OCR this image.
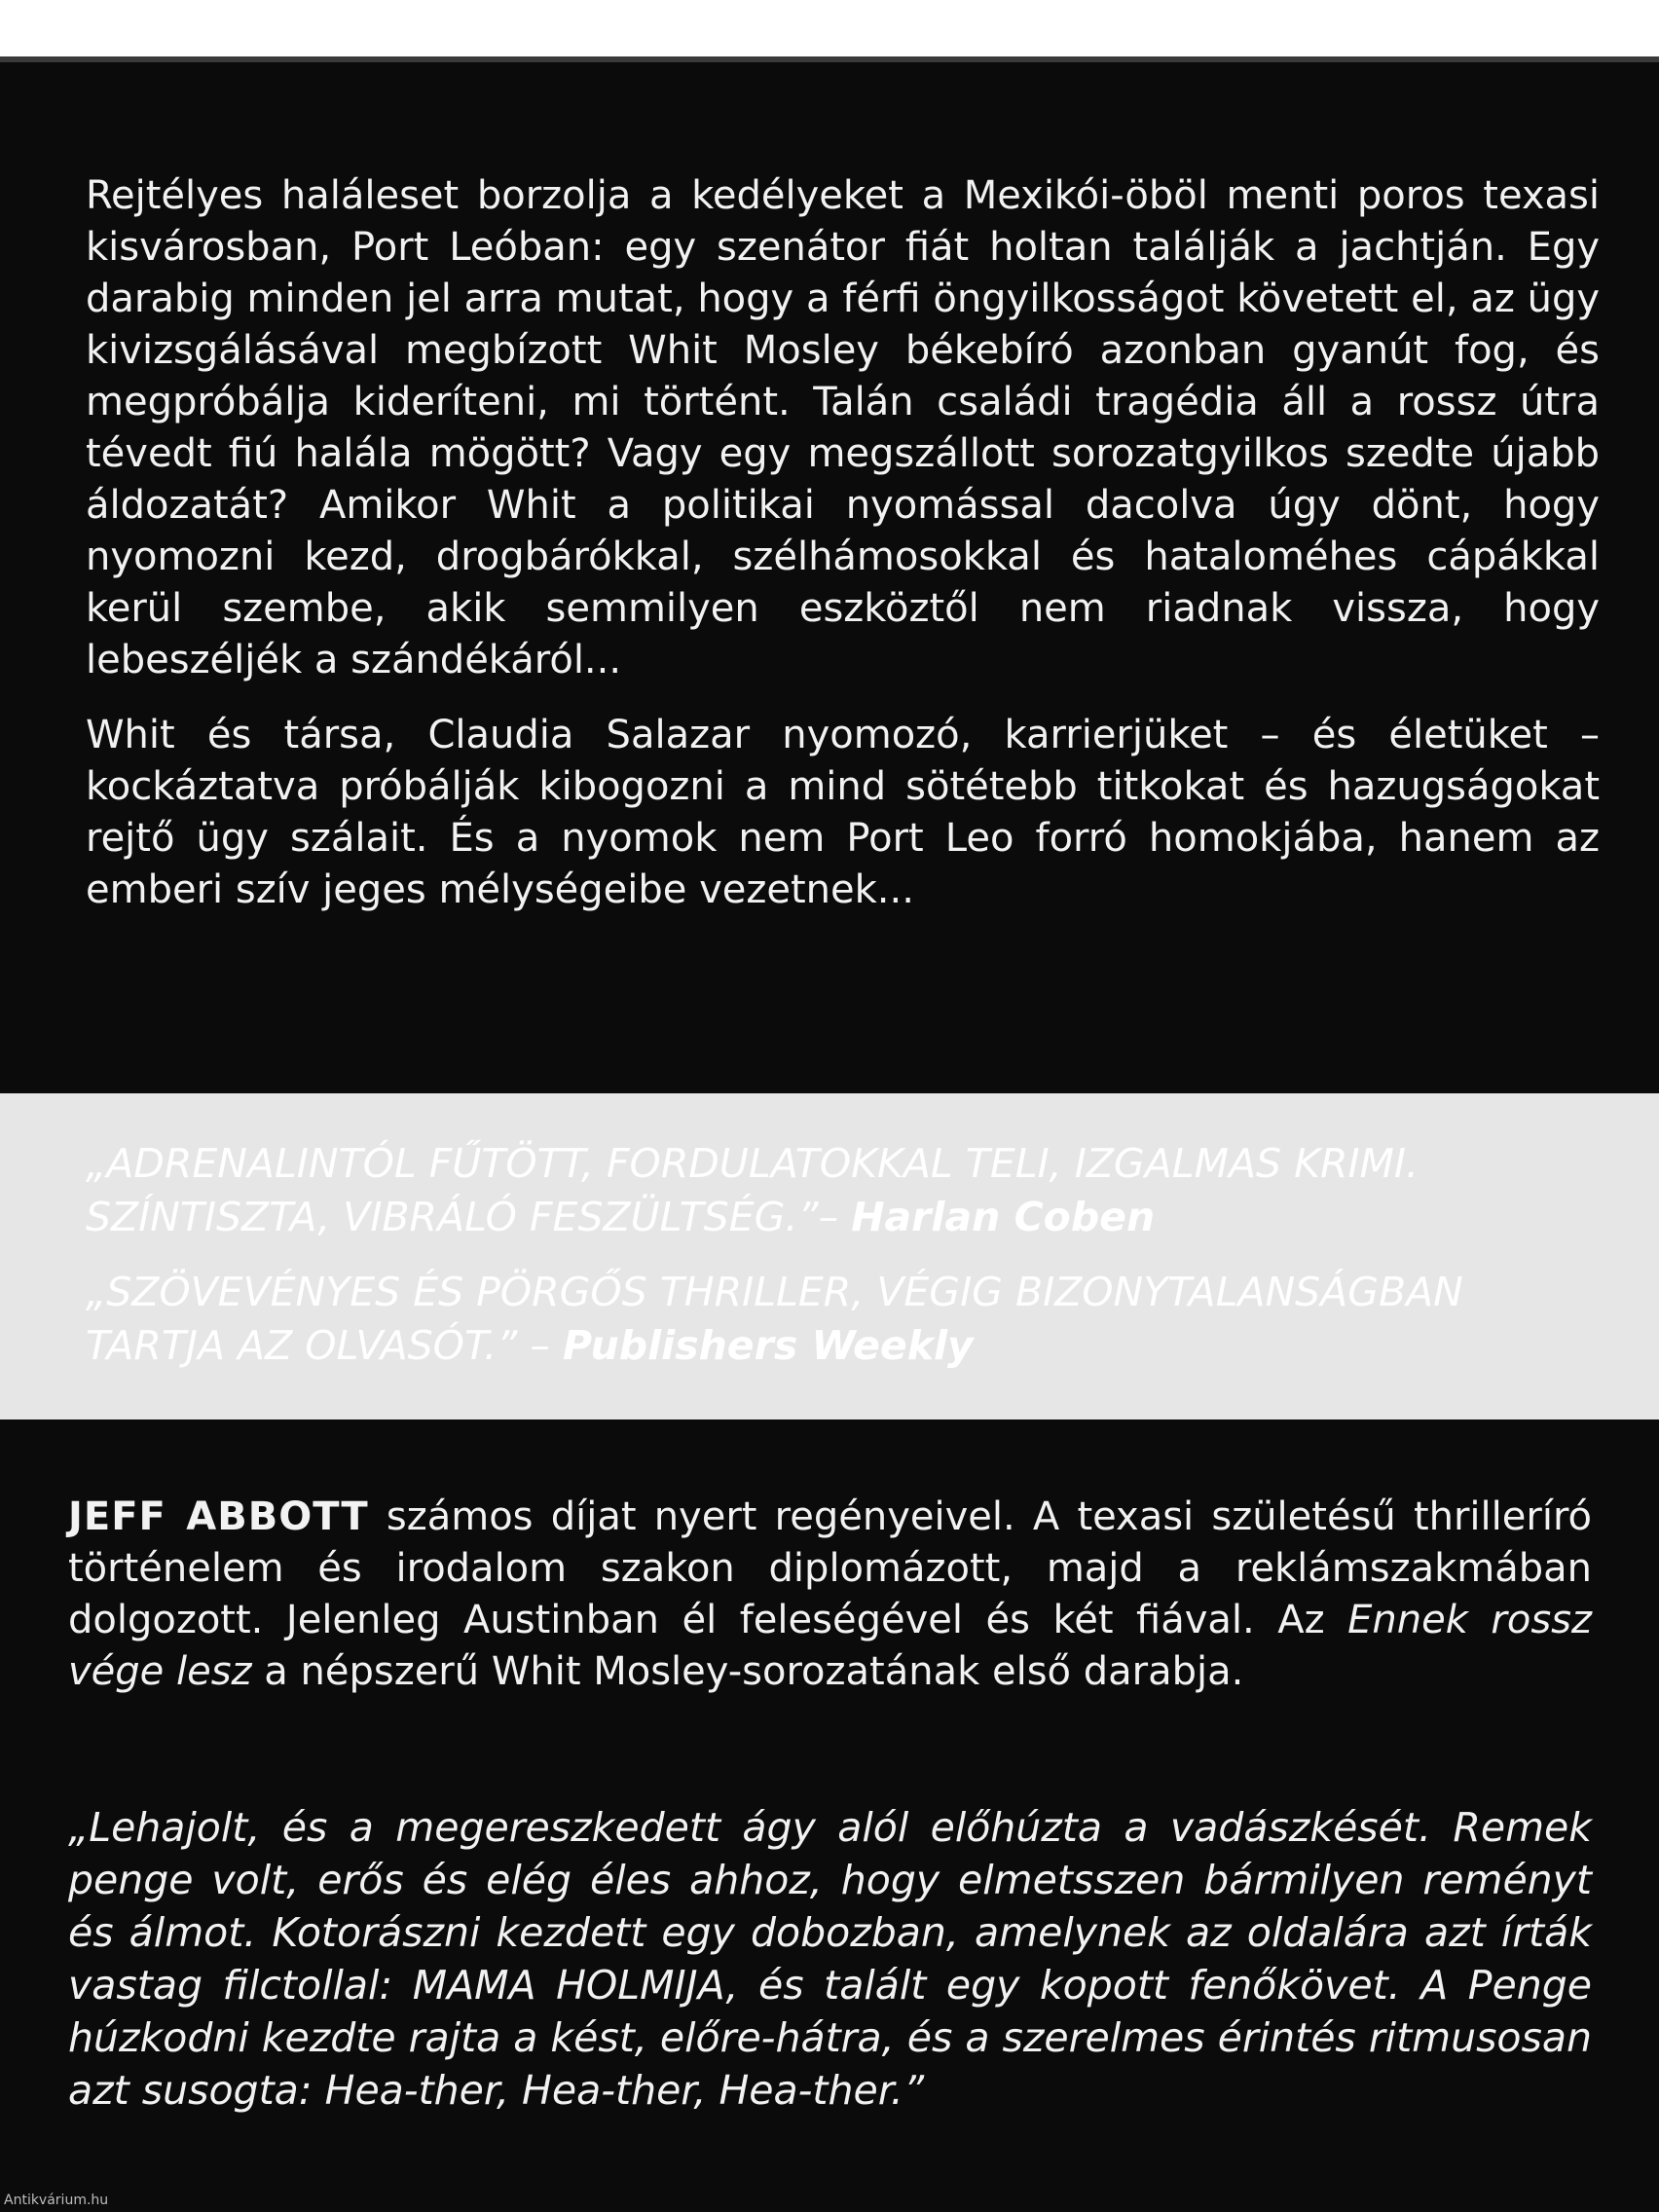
Rejtélyes haláleset borzolja a kedélyeket a Mexikói-öböl menti poros texasi kisvárosban, Port Leóban: egy szenátor fiát holtan találják a jachtján. Egy darabig minden jel arra mutat, hogy a férfi öngyilkosságot követett el, az ügy kivizsgálásával megbízott Whit Mosley békebíró azonban gyanút fog, és megpróbálja kideríteni, mi történt. Talán családi tragédia áll a rossz útra tévedt fiú halála mögött? Vagy egy megszállott sorozatgyilkos szedte újabb áldozatát? Amikor Whit a politikai nyomással dacolva úgy dönt, hogy nyomozni kezd, drogbárókkal, szélhámosokkal és hataloméhes cápákkal kerül szembe, akik semmilyen eszköztől nem riadnak vissza, hogy lebeszéljék a szándékáról...

Whit és társa, Claudia Salazar nyomozó, karrierjüket – és életüket – kockáztatva próbálják kibogozni a mind sötétebb titkokat és hazugságokat rejtő ügy szálait. És a nyomok nem Port Leo forró homokjába, hanem az emberi szív jeges mélységeibe vezetnek...

„ADRENALINTÓL FŰTÖTT, FORDULATOKKAL TELI, IZGALMAS KRIMI. SZÍNTISZTA, VIBRÁLÓ FESZÜLTSÉG.”– Harlan Coben

„SZÖVEVÉNYES ÉS PÖRGŐS THRILLER, VÉGIG BIZONYTALANSÁGBAN TARTJA AZ OLVASÓT.” – Publishers Weekly

JEFF ABBOTT számos díjat nyert regényeivel. A texasi születésű thrilleríró történelem és irodalom szakon diplomázott, majd a reklámszakmában dolgozott. Jelenleg Austinban él feleségével és két fiával. Az Ennek rossz vége lesz a népszerű Whit Mosley-sorozatának első darabja.

„Lehajolt, és a megereszkedett ágy alól előhúzta a vadászkését. Remek penge volt, erős és elég éles ahhoz, hogy elmetsszen bármilyen reményt és álmot. Kotorászni kezdett egy dobozban, amelynek az oldalára azt írták vastag filctollal: MAMA HOLMIJA, és talált egy kopott fenőkövet. A Penge húzkodni kezdte rajta a kést, előre-hátra, és a szerelmes érintés ritmusosan azt susogta: Hea-ther, Hea-ther, Hea-ther.”

Antikvárium.hu
